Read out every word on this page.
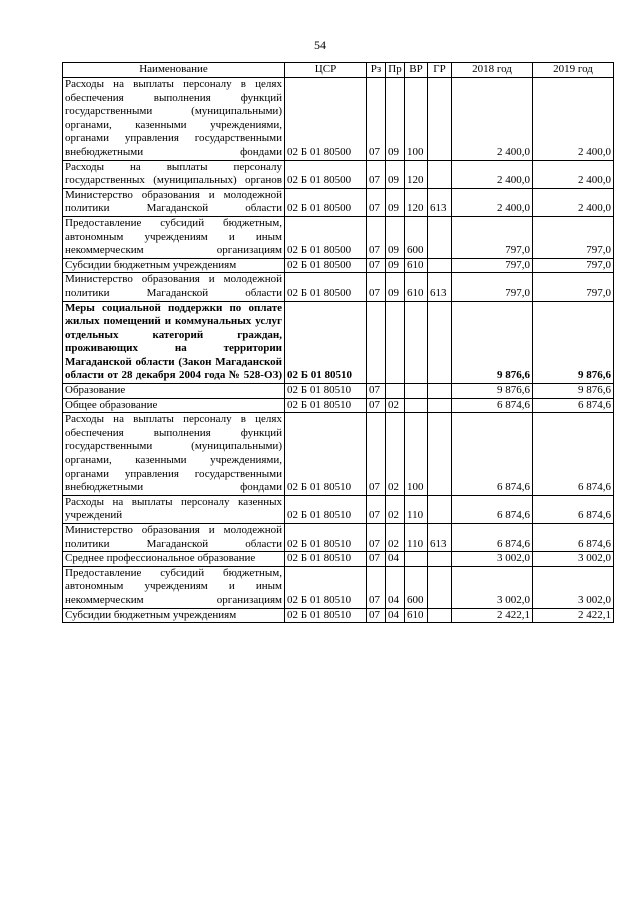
54
Наименование	ЦСР	Рз	Пр	ВР	ГР	2018 год	2019 год
Расходы на выплаты персоналу в целях обеспечения выполнения функций государственными (муниципальными) органами, казенными учреждениями, органами управления государственными внебюджетными фондами	02 Б 01 80500	07	09	100		2 400,0	2 400,0
Расходы на выплаты персоналу государственных (муниципальных) органов	02 Б 01 80500	07	09	120		2 400,0	2 400,0
Министерство образования и молодежной политики Магаданской области	02 Б 01 80500	07	09	120	613	2 400,0	2 400,0
Предоставление субсидий бюджетным, автономным учреждениям и иным некоммерческим организациям	02 Б 01 80500	07	09	600		797,0	797,0
Субсидии бюджетным учреждениям	02 Б 01 80500	07	09	610		797,0	797,0
Министерство образования и молодежной политики Магаданской области	02 Б 01 80500	07	09	610	613	797,0	797,0
Меры социальной поддержки по оплате жилых помещений и коммунальных услуг отдельных категорий граждан, проживающих на территории Магаданской области (Закон Магаданской области от 28 декабря 2004 года № 528-ОЗ)	02 Б 01 80510					9 876,6	9 876,6
Образование	02 Б 01 80510	07				9 876,6	9 876,6
Общее образование	02 Б 01 80510	07	02			6 874,6	6 874,6
Расходы на выплаты персоналу в целях обеспечения выполнения функций государственными (муниципальными) органами, казенными учреждениями, органами управления государственными внебюджетными фондами	02 Б 01 80510	07	02	100		6 874,6	6 874,6
Расходы на выплаты персоналу казенных учреждений	02 Б 01 80510	07	02	110		6 874,6	6 874,6
Министерство образования и молодежной политики Магаданской области	02 Б 01 80510	07	02	110	613	6 874,6	6 874,6
Среднее профессиональное образование	02 Б 01 80510	07	04			3 002,0	3 002,0
Предоставление субсидий бюджетным, автономным учреждениям и иным некоммерческим организациям	02 Б 01 80510	07	04	600		3 002,0	3 002,0
Субсидии бюджетным учреждениям	02 Б 01 80510	07	04	610		2 422,1	2 422,1
